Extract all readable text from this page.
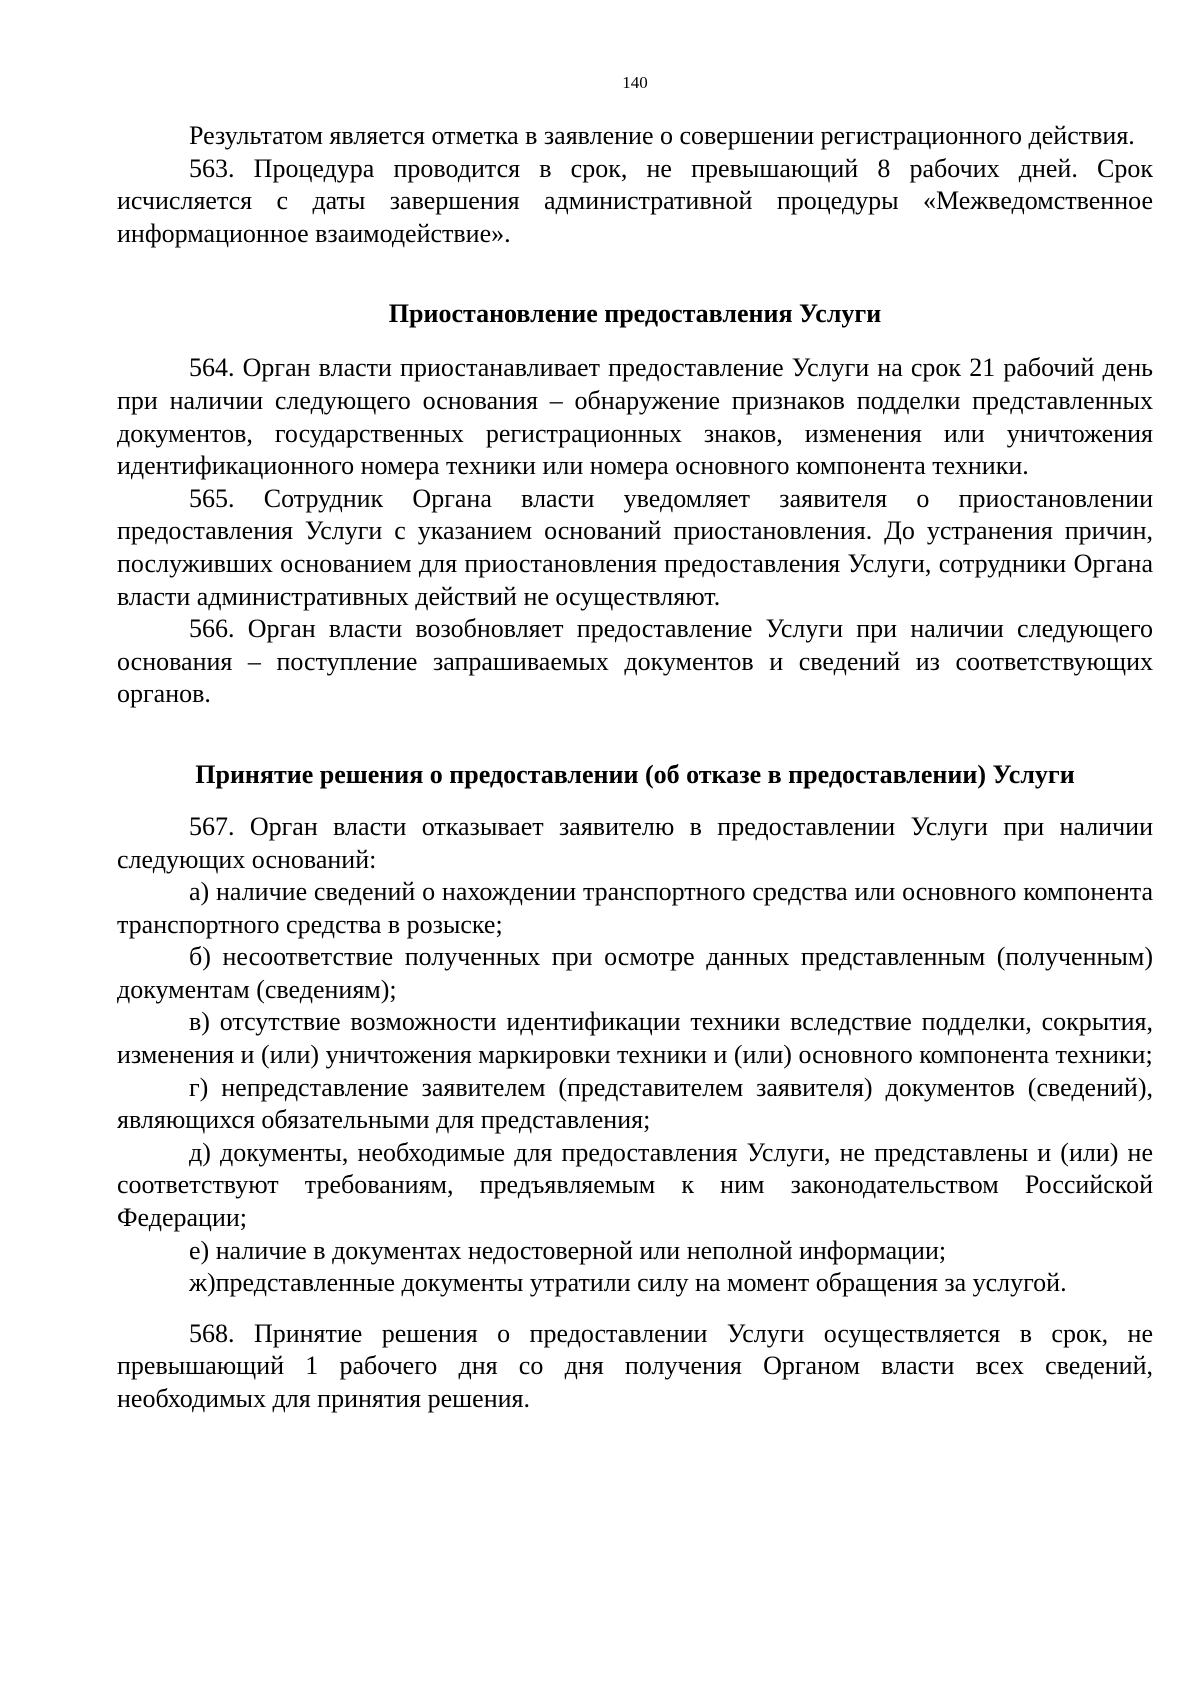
140

Результатом является отметка в заявление о совершении регистрационного действия.

563. Процедура проводится в срок, не превышающий 8 рабочих дней. Срок исчисляется с даты завершения административной процедуры «Межведомственное информационное взаимодействие».

Приостановление предоставления Услуги

564. Орган власти приостанавливает предоставление Услуги на срок 21 рабочий день при наличии следующего основания – обнаружение признаков подделки представленных документов, государственных регистрационных знаков, изменения или уничтожения идентификационного номера техники или номера основного компонента техники.

565. Сотрудник Органа власти уведомляет заявителя о приостановлении предоставления Услуги с указанием оснований приостановления. До устранения причин, послуживших основанием для приостановления предоставления Услуги, сотрудники Органа власти административных действий не осуществляют.

566. Орган власти возобновляет предоставление Услуги при наличии следующего основания – поступление запрашиваемых документов и сведений из соответствующих органов.

Принятие решения о предоставлении (об отказе в предоставлении) Услуги

567. Орган власти отказывает заявителю в предоставлении Услуги при наличии следующих оснований:

а) наличие сведений о нахождении транспортного средства или основного компонента транспортного средства в розыске;

б) несоответствие полученных при осмотре данных представленным (полученным) документам (сведениям);

в) отсутствие возможности идентификации техники вследствие подделки, сокрытия, изменения и (или) уничтожения маркировки техники и (или) основного компонента техники;

г) непредставление заявителем (представителем заявителя) документов (сведений), являющихся обязательными для представления;

д) документы, необходимые для предоставления Услуги, не представлены и (или) не соответствуют требованиям, предъявляемым к ним законодательством Российской Федерации;

е) наличие в документах недостоверной или неполной информации;

ж)представленные документы утратили силу на момент обращения за услугой.

568. Принятие решения о предоставлении Услуги осуществляется в срок, не превышающий 1 рабочего дня со дня получения Органом власти всех сведений, необходимых для принятия решения.
